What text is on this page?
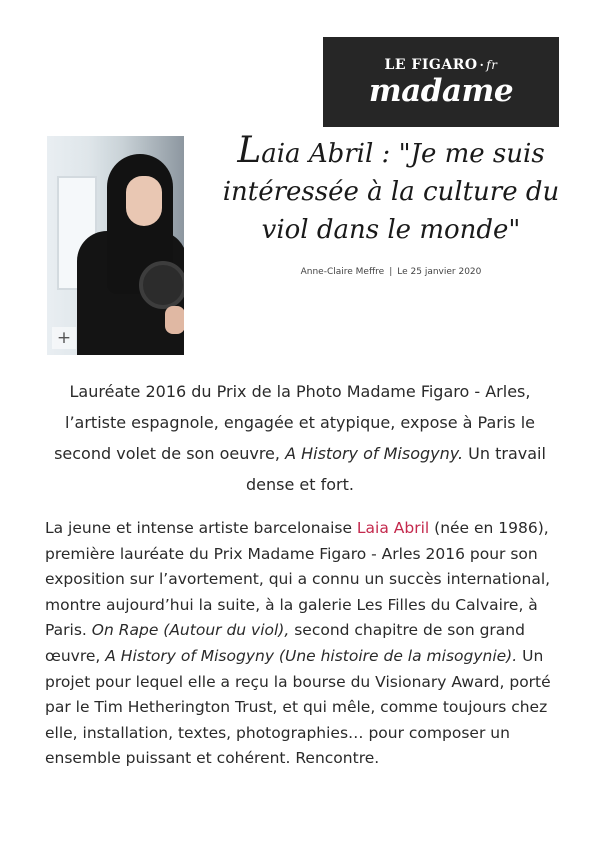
LE FIGARO · fr
madame
+
Laia Abril : "Je me suis intéressée à la culture du viol dans le monde"
Anne-Claire Meffre | Le 25 janvier 2020

Lauréate 2016 du Prix de la Photo Madame Figaro - Arles, l’artiste espagnole, engagée et atypique, expose à Paris le second volet de son oeuvre, A History of Misogyny. Un travail dense et fort.

La jeune et intense artiste barcelonaise Laia Abril (née en 1986), première lauréate du Prix Madame Figaro - Arles 2016 pour son exposition sur l’avortement, qui a connu un succès international, montre aujourd’hui la suite, à la galerie Les Filles du Calvaire, à Paris. On Rape (Autour du viol), second chapitre de son grand œuvre, A History of Misogyny (Une histoire de la misogynie). Un projet pour lequel elle a reçu la bourse du Visionary Award, porté par le Tim Hetherington Trust, et qui mêle, comme toujours chez elle, installation, textes, photographies… pour composer un ensemble puissant et cohérent. Rencontre.
